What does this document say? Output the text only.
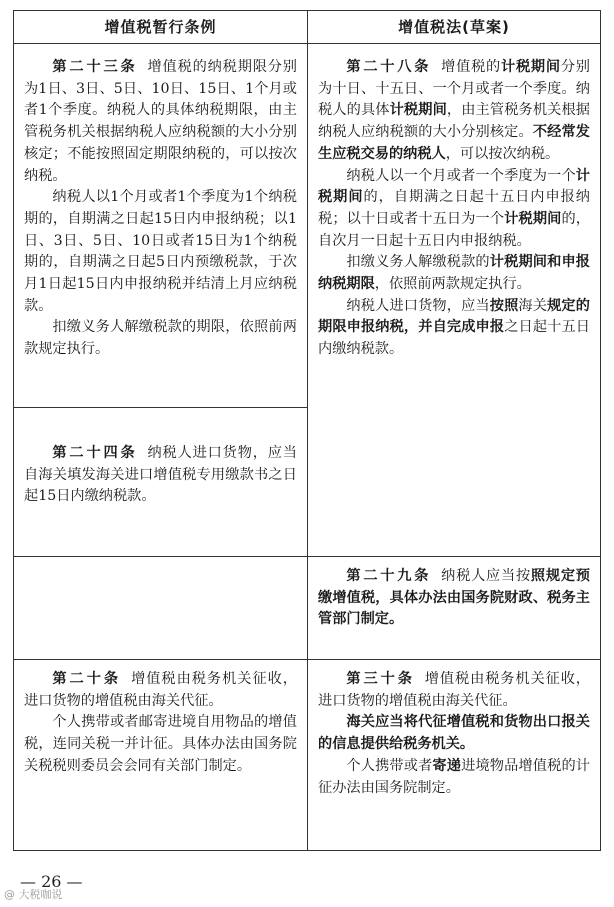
增值税暂行条例	增值税法(草案)

第二十三条 增值税的纳税期限分别为1日、3日、5日、10日、15日、1个月或者1个季度。纳税人的具体纳税期限，由主管税务机关根据纳税人应纳税额的大小分别核定；不能按照固定期限纳税的，可以按次纳税。

纳税人以1个月或者1个季度为1个纳税期的，自期满之日起15日内申报纳税；以1日、3日、5日、10日或者15日为1个纳税期的，自期满之日起5日内预缴税款，于次月1日起15日内申报纳税并结清上月应纳税款。

扣缴义务人解缴税款的期限，依照前两款规定执行。

第二十四条 纳税人进口货物，应当自海关填发海关进口增值税专用缴款书之日起15日内缴纳税款。

第二十八条 增值税的计税期间分别为十日、十五日、一个月或者一个季度。纳税人的具体计税期间，由主管税务机关根据纳税人应纳税额的大小分别核定。不经常发生应税交易的纳税人，可以按次纳税。

纳税人以一个月或者一个季度为一个计税期间的，自期满之日起十五日内申报纳税；以十日或者十五日为一个计税期间的，自次月一日起十五日内申报纳税。

扣缴义务人解缴税款的计税期间和申报纳税期限，依照前两款规定执行。

纳税人进口货物，应当按照海关规定的期限申报纳税，并自完成申报之日起十五日内缴纳税款。

第二十九条 纳税人应当按照规定预缴增值税，具体办法由国务院财政、税务主管部门制定。

第二十条 增值税由税务机关征收，进口货物的增值税由海关代征。

个人携带或者邮寄进境自用物品的增值税，连同关税一并计征。具体办法由国务院关税税则委员会会同有关部门制定。

第三十条 增值税由税务机关征收，进口货物的增值税由海关代征。

海关应当将代征增值税和货物出口报关的信息提供给税务机关。

个人携带或者寄递进境物品增值税的计征办法由国务院制定。

— 26 —
@ 大税咖说
